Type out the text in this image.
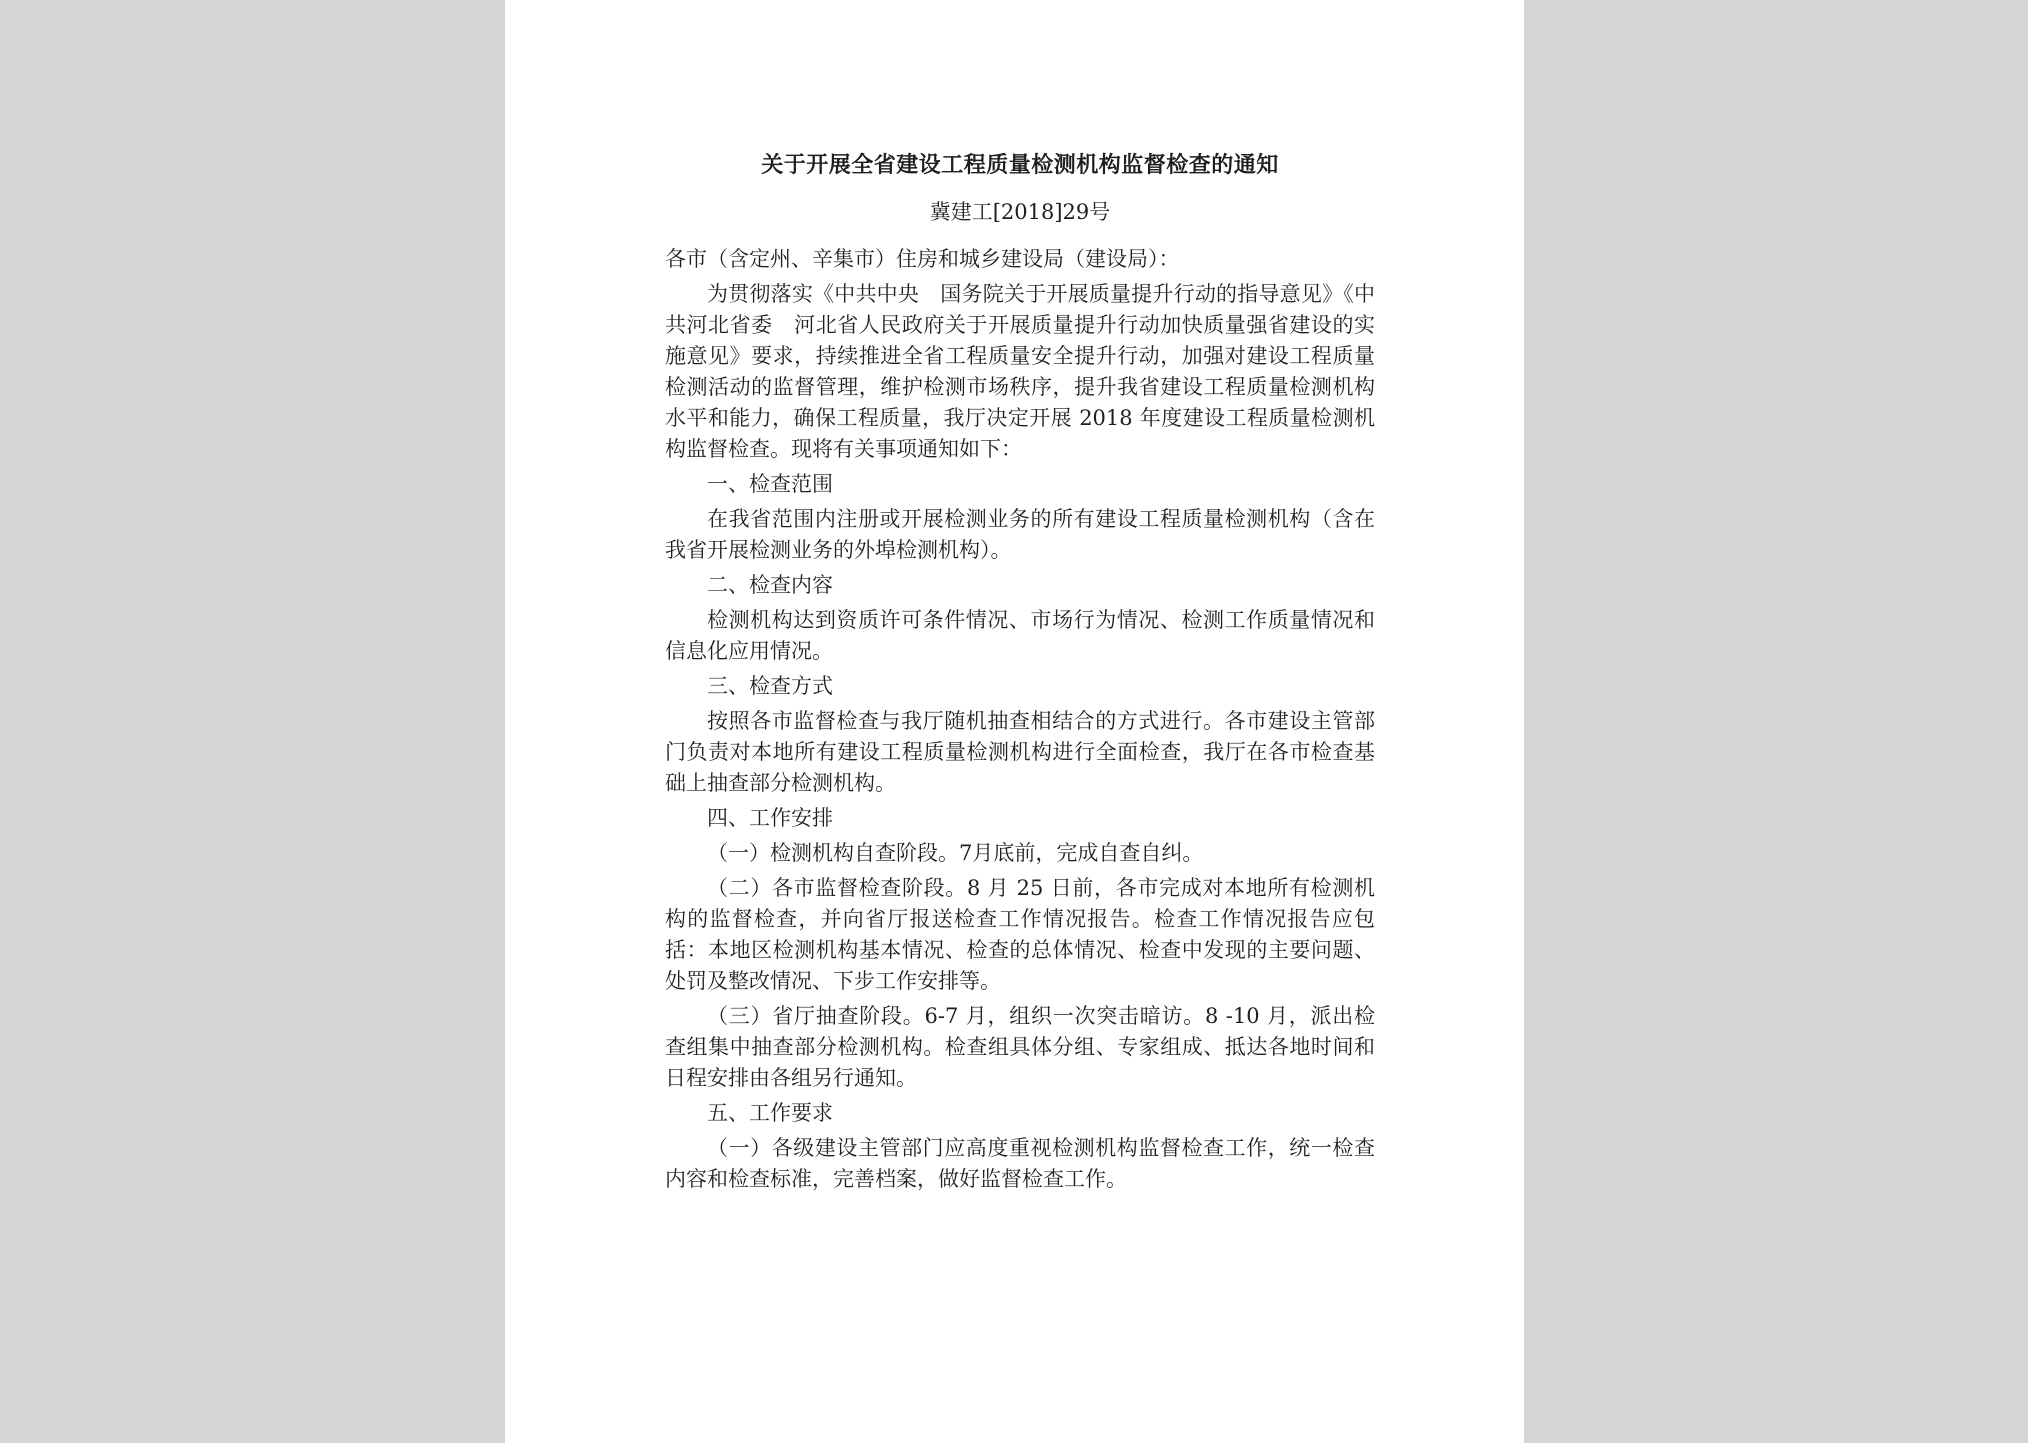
关于开展全省建设工程质量检测机构监督检查的通知
冀建工[2018]29号

各市（含定州、辛集市）住房和城乡建设局（建设局）：

为贯彻落实《中共中央　国务院关于开展质量提升行动的指导意见》《中共河北省委　河北省人民政府关于开展质量提升行动加快质量强省建设的实施意见》要求，持续推进全省工程质量安全提升行动，加强对建设工程质量检测活动的监督管理，维护检测市场秩序，提升我省建设工程质量检测机构水平和能力，确保工程质量，我厅决定开展 2018 年度建设工程质量检测机构监督检查。现将有关事项通知如下：

一、检查范围

在我省范围内注册或开展检测业务的所有建设工程质量检测机构（含在我省开展检测业务的外埠检测机构）。

二、检查内容

检测机构达到资质许可条件情况、市场行为情况、检测工作质量情况和信息化应用情况。

三、检查方式

按照各市监督检查与我厅随机抽查相结合的方式进行。各市建设主管部门负责对本地所有建设工程质量检测机构进行全面检查，我厅在各市检查基础上抽查部分检测机构。

四、工作安排

（一）检测机构自查阶段。7月底前，完成自查自纠。

（二）各市监督检查阶段。8 月 25 日前，各市完成对本地所有检测机构的监督检查，并向省厅报送检查工作情况报告。检查工作情况报告应包括：本地区检测机构基本情况、检查的总体情况、检查中发现的主要问题、处罚及整改情况、下步工作安排等。

（三）省厅抽查阶段。6-7 月，组织一次突击暗访。8 -10 月，派出检查组集中抽查部分检测机构。检查组具体分组、专家组成、抵达各地时间和日程安排由各组另行通知。

五、工作要求

（一）各级建设主管部门应高度重视检测机构监督检查工作，统一检查内容和检查标准，完善档案，做好监督检查工作。
